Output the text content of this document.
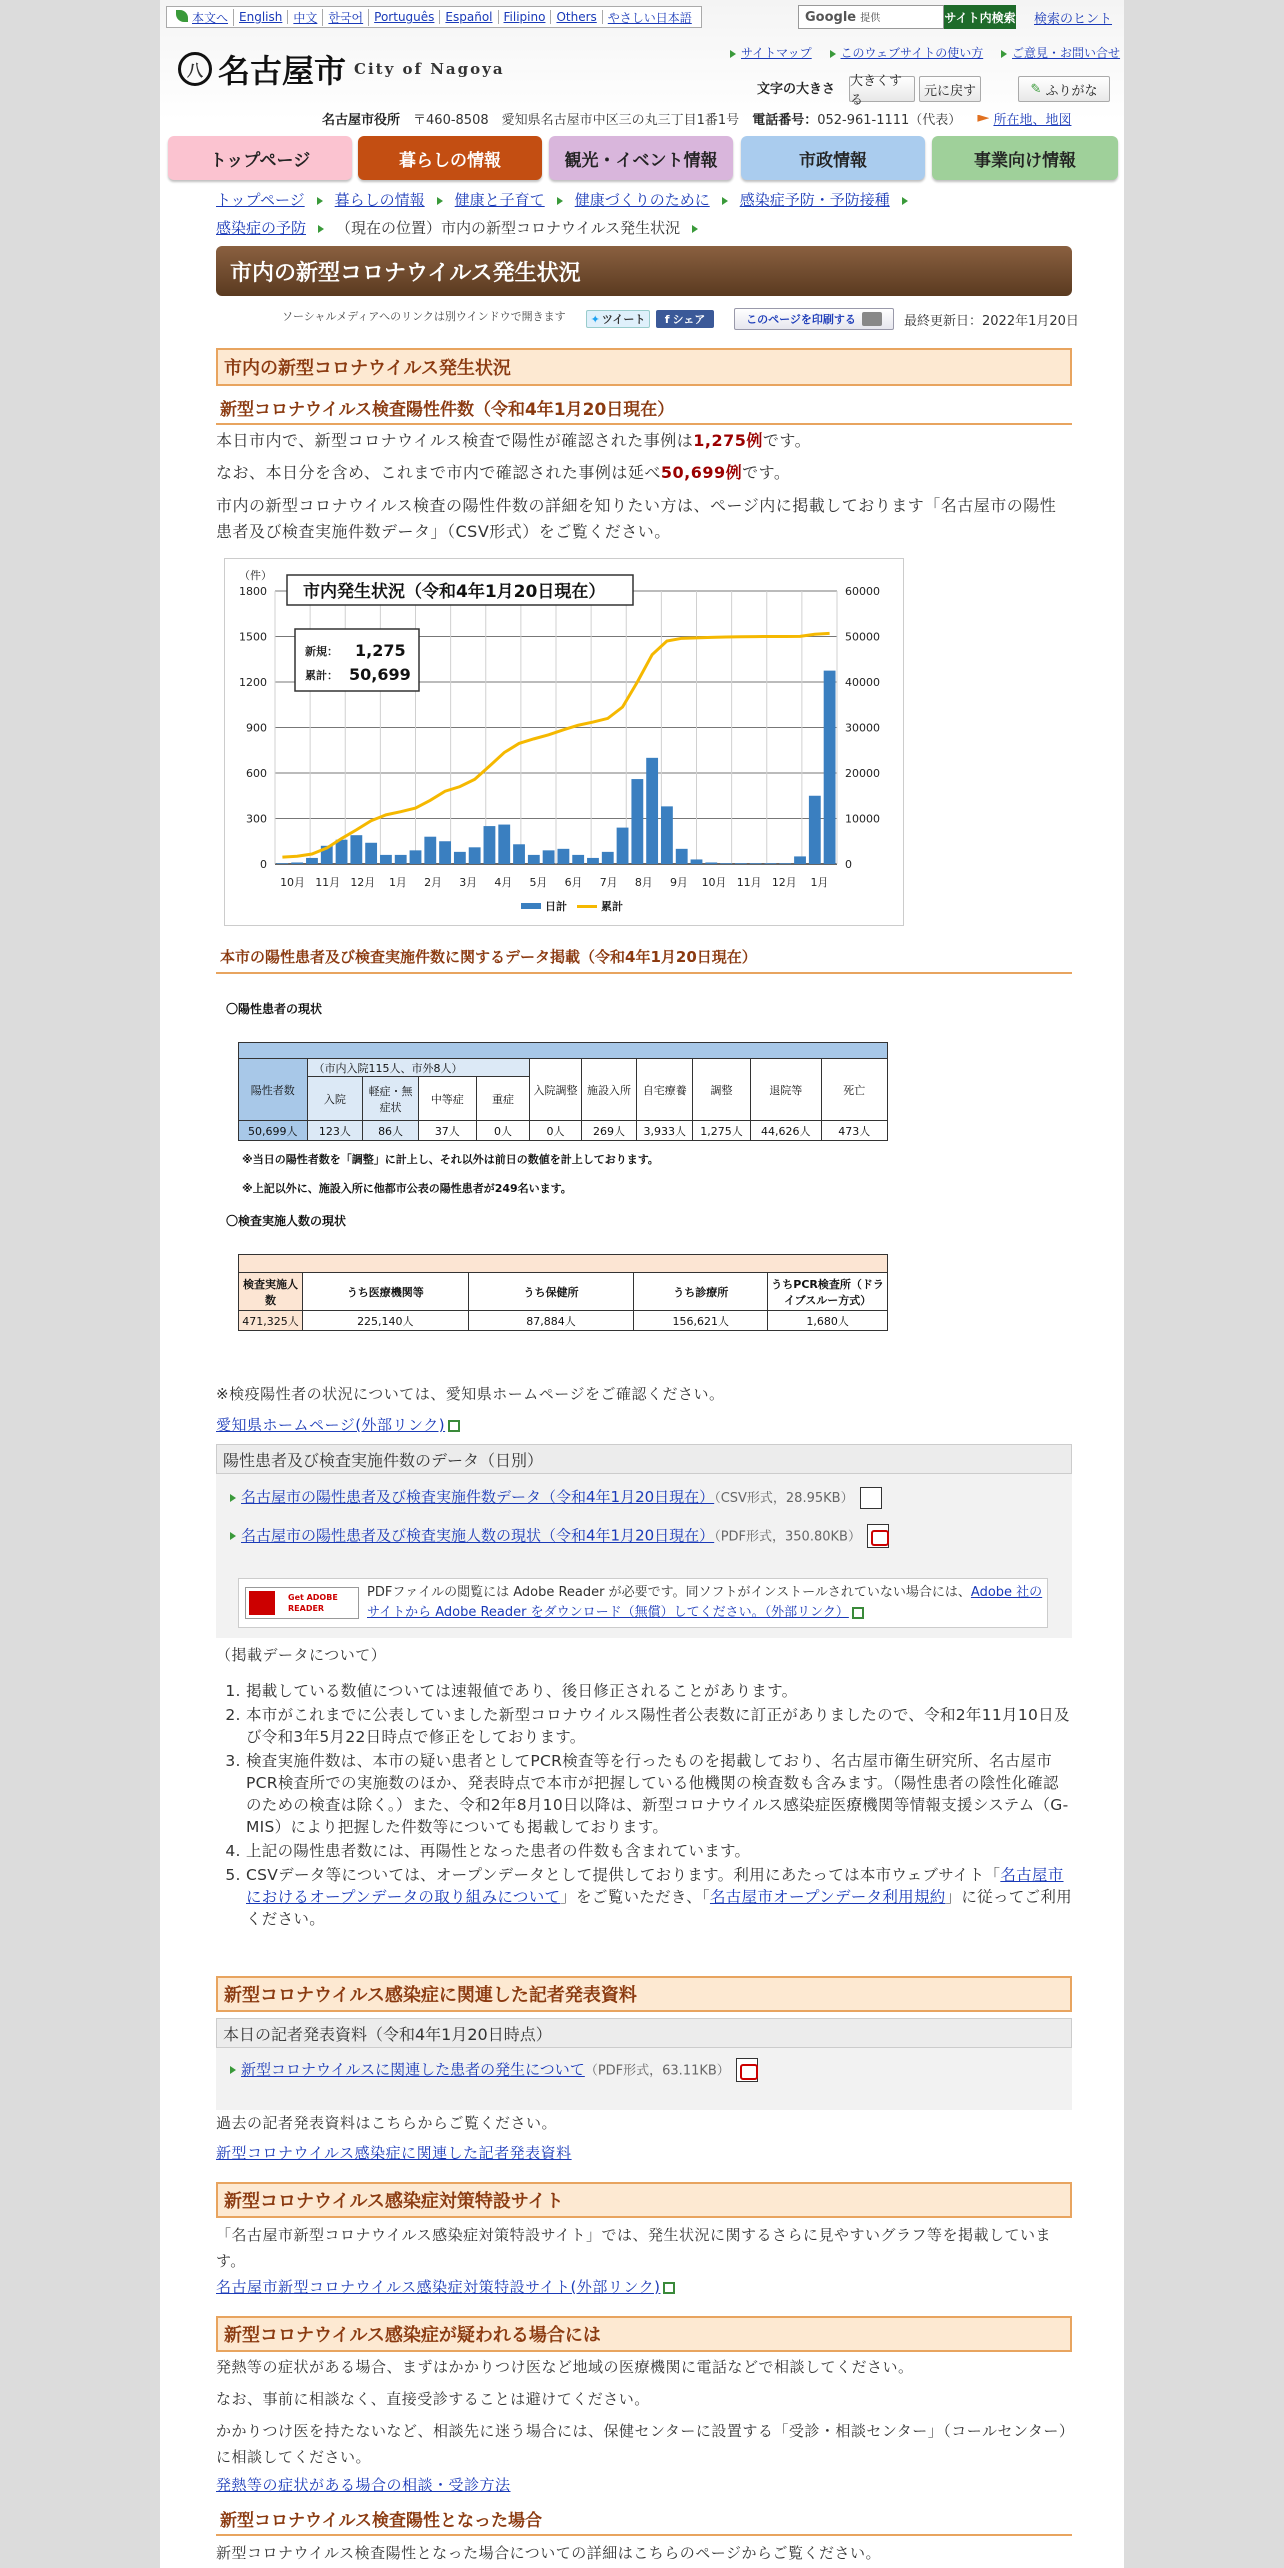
本文へ English 中文 한국어 Português Español Filipino Others やさしい日本語	Google 提供	サイト内検索 検索のヒント
八 名古屋市 City of Nagoya
サイトマップ このウェブサイトの使い方 ご意見・お問い合せ
文字の大きさ
大きくする
元に戻す	✎ ふりがな
名古屋市役所　 〒460-8508　愛知県名古屋市中区三の丸三丁目1番1号　 電話番号：052-961-1111（代表） 所在地、地図
トップページ	暮らしの情報	観光・イベント情報	市政情報	事業向け情報
トップページ 暮らしの情報 健康と子育て 健康づくりのために 感染症予防・予防接種
感染症の予防 （現在の位置）市内の新型コロナウイルス発生状況
市内の新型コロナウイルス発生状況
ソーシャルメディアへのリンクは別ウインドウで開きます ✦ ツイート f シェア	このページを印刷する	最終更新日：2022年1月20日
市内の新型コロナウイルス発生状況
新型コロナウイルス検査陽性件数（令和4年1月20日現在）
本日市内で、新型コロナウイルス検査で陽性が確認された事例は1,275例です。
なお、本日分を含め、これまで市内で確認された事例は延べ50,699例です。
市内の新型コロナウイルス検査の陽性件数の詳細を知りたい方は、ページ内に掲載しております「名古屋市の陽性患者及び検査実施件数データ」（CSV形式）をご覧ください。
0
300
600
900
1200
1500
1800
0
10000
20000
30000
40000
50000
60000
10月 11月 12月 1月 2月 3月 4月 5月 6月 7月 8月 9月 10月 11月 12月 1月
（件）
市内発生状況（令和4年1月20日現在）
新規： 1,275
累計： 50,699
日計	累計
本市の陽性患者及び検査実施件数に関するデータ掲載（令和4年1月20日現在）
〇陽性患者の現状

陽性者数	（市内入院115人、市外8人）				入院調整	施設入所	自宅療養	調整	退院等	死亡
	入院	軽症・無症状	中等症	重症						
50,699人	123人	86人	37人	0人	0人	269人	3,933人	1,275人	44,626人	473人
※当日の陽性者数を「調整」に計上し、それ以外は前日の数値を計上しております。
※上記以外に、施設入所に他都市公表の陽性患者が249名います。
〇検査実施人数の現状

検査実施人数	うち医療機関等	うち保健所	うち診療所	うちPCR検査所（ドライブスルー方式）
471,325人	225,140人	87,884人	156,621人	1,680人
※検疫陽性者の状況については、愛知県ホームページをご確認ください。
愛知県ホームページ(外部リンク)
陽性患者及び検査実施件数のデータ（日別）
名古屋市の陽性患者及び検査実施件数データ（令和4年1月20日現在）（CSV形式，28.95KB）
名古屋市の陽性患者及び検査実施人数の現状（令和4年1月20日現在）（PDF形式，350.80KB）
Get ADOBE READER
PDFファイルの閲覧には Adobe Reader が必要です。同ソフトがインストールされていない場合には、Adobe 社のサイトから Adobe Reader をダウンロード（無償）してください。（外部リンク）
（掲載データについて）
1. 掲載している数値については速報値であり、後日修正されることがあります。
2. 本市がこれまでに公表していました新型コロナウイルス陽性者公表数に訂正がありましたので、令和2年11月10日及び令和3年5月22日時点で修正をしております。
3. 検査実施件数は、本市の疑い患者としてPCR検査等を行ったものを掲載しており、名古屋市衛生研究所、名古屋市PCR検査所での実施数のほか、発表時点で本市が把握している他機関の検査数も含みます。（陽性患者の陰性化確認のための検査は除く。）また、令和2年8月10日以降は、新型コロナウイルス感染症医療機関等情報支援システム（G-MIS）により把握した件数等についても掲載しております。
4. 上記の陽性患者数には、再陽性となった患者の件数も含まれています。
5. CSVデータ等については、オープンデータとして提供しております。利用にあたっては本市ウェブサイト「名古屋市におけるオープンデータの取り組みについて」をご覧いただき、「名古屋市オープンデータ利用規約」に従ってご利用ください。
新型コロナウイルス感染症に関連した記者発表資料
本日の記者発表資料（令和4年1月20日時点）
新型コロナウイルスに関連した患者の発生について（PDF形式，63.11KB）
過去の記者発表資料はこちらからご覧ください。
新型コロナウイルス感染症に関連した記者発表資料
新型コロナウイルス感染症対策特設サイト
「名古屋市新型コロナウイルス感染症対策特設サイト」では、発生状況に関するさらに見やすいグラフ等を掲載しています。
名古屋市新型コロナウイルス感染症対策特設サイト(外部リンク)
新型コロナウイルス感染症が疑われる場合には
発熱等の症状がある場合、まずはかかりつけ医など地域の医療機関に電話などで相談してください。
なお、事前に相談なく、直接受診することは避けてください。
かかりつけ医を持たないなど、相談先に迷う場合には、保健センターに設置する「受診・相談センター」（コールセンター）に相談してください。
発熱等の症状がある場合の相談・受診方法
新型コロナウイルス検査陽性となった場合
新型コロナウイルス検査陽性となった場合についての詳細はこちらのページからご覧ください。
